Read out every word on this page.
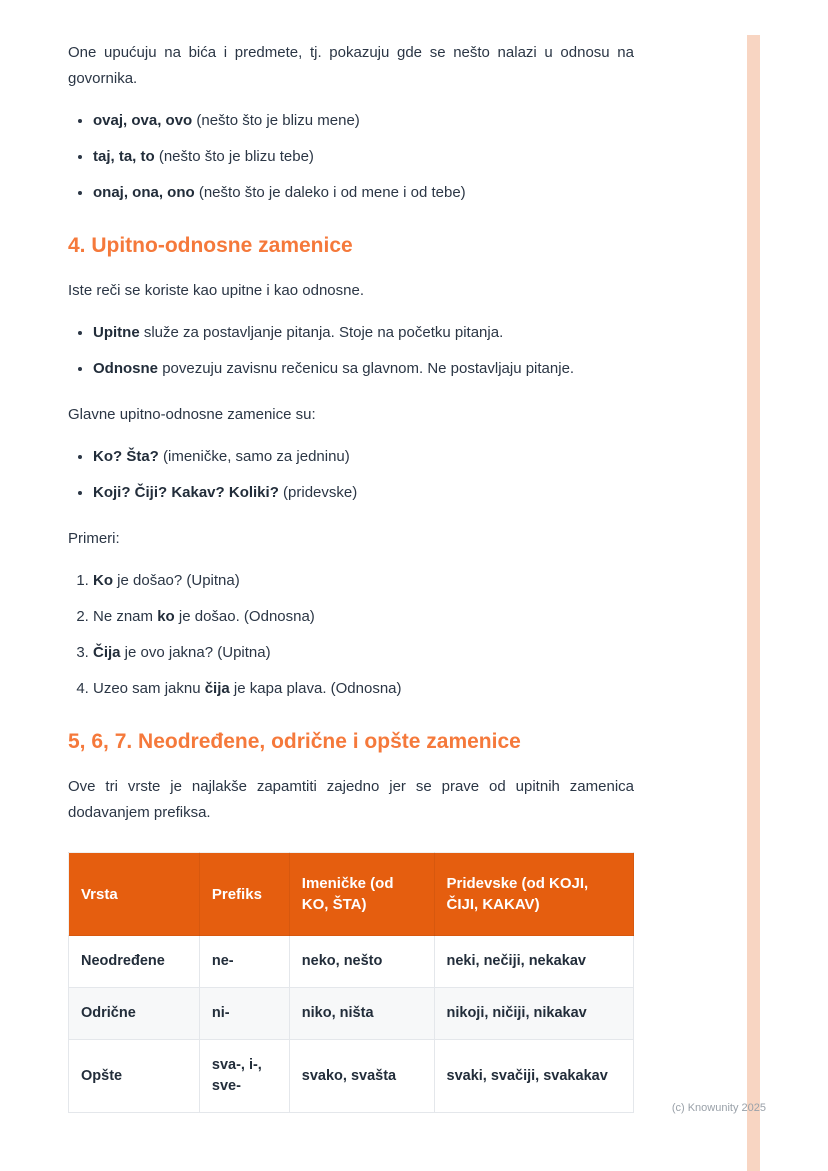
One upućuju na bića i predmete, tj. pokazuju gde se nešto nalazi u odnosu na govornika.

• ovaj, ova, ovo (nešto što je blizu mene)
• taj, ta, to (nešto što je blizu tebe)
• onaj, ona, ono (nešto što je daleko i od mene i od tebe)
4. Upitno-odnosne zamenice

Iste reči se koriste kao upitne i kao odnosne.

• Upitne služe za postavljanje pitanja. Stoje na početku pitanja.
• Odnosne povezuju zavisnu rečenicu sa glavnom. Ne postavljaju pitanje.

Glavne upitno-odnosne zamenice su:

• Ko? Šta? (imeničke, samo za jedninu)
• Koji? Čiji? Kakav? Koliki? (pridevske)

Primeri:

1. Ko je došao? (Upitna)
2. Ne znam ko je došao. (Odnosna)
3. Čija je ovo jakna? (Upitna)
4. Uzeo sam jaknu čija je kapa plava. (Odnosna)
5, 6, 7. Neodređene, odrične i opšte zamenice

Ove tri vrste je najlakše zapamtiti zajedno jer se prave od upitnih zamenica dodavanjem prefiksa.

Vrsta	Prefiks	Imeničke (od KO, ŠTA)	Pridevske (od KOJI, ČIJI, KAKAV)
Neodređene	ne-	neko, nešto	neki, nečiji, nekakav
Odrične	ni-	niko, ništa	nikoji, ničiji, nikakav
Opšte	sva-, i-, sve-	svako, svašta	svaki, svačiji, svakakav
(c) Knowunity 2025
